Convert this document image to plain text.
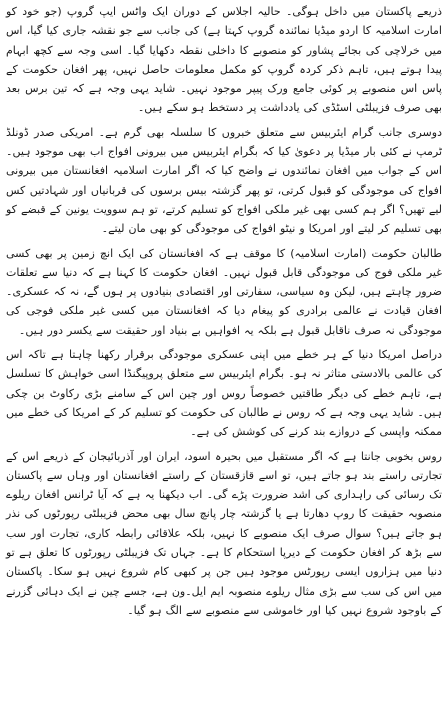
ذریعے پاکستان میں داخل ہوگی۔ حالیہ اجلاس کے دوران ایک واٹس ایپ گروپ (جو خود کو امارت اسلامیہ کا اردو میڈیا نمائندہ گروپ کہتا ہے) کی جانب سے جو نقشہ جاری کیا گیا، اس میں خرلاچی کی بجائے پشاور کو منصوبے کا داخلی نقطہ دکھایا گیا۔ اسی وجہ سے کچھ ابہام پیدا ہوتے ہیں، تاہم ذکر کردہ گروپ کو مکمل معلومات حاصل نہیں، پھر افغان حکومت کے پاس اس منصوبے پر کوئی جامع ورک پیپر موجود نہیں۔ شاید یہی وجہ ہے کہ تین برس بعد بھی صرف فزیبلٹی اسٹڈی کی یادداشت پر دستخط ہو سکے ہیں۔

دوسری جانب گرام ایئربیس سے متعلق خبروں کا سلسلہ بھی گرم ہے۔ امریکی صدر ڈونلڈ ٹرمپ نے کئی بار میڈیا پر دعویٰ کیا کہ بگرام ایئربیس میں بیرونی افواج اب بھی موجود ہیں۔ اس کے جواب میں افغان نمائندوں نے واضح کیا کہ اگر امارت اسلامیہ افغانستان میں بیرونی افواج کی موجودگی کو قبول کرتی، تو پھر گزشتہ بیس برسوں کی قربانیاں اور شہادتیں کس لیے تھیں؟ اگر ہم کسی بھی غیر ملکی افواج کو تسلیم کرتے، تو ہم سوویت یونین کے قبضے کو بھی تسلیم کر لیتے اور امریکا و نیٹو افواج کی موجودگی کو بھی مان لیتے۔

طالبان حکومت (امارت اسلامیہ) کا موقف ہے کہ افغانستان کی ایک انچ زمین پر بھی کسی غیر ملکی فوج کی موجودگی قابل قبول نہیں۔ افغان حکومت کا کہنا ہے کہ دنیا سے تعلقات ضرور چاہتے ہیں، لیکن وہ سیاسی، سفارتی اور اقتصادی بنیادوں پر ہوں گے، نہ کہ عسکری۔ افغان قیادت نے عالمی برادری کو پیغام دیا کہ افغانستان میں کسی غیر ملکی فوجی کی موجودگی نہ صرف ناقابل قبول ہے بلکہ یہ افواہیں بے بنیاد اور حقیقت سے یکسر دور ہیں۔

دراصل امریکا دنیا کے ہر خطے میں اپنی عسکری موجودگی برقرار رکھنا چاہتا ہے تاکہ اس کی عالمی بالادستی متاثر نہ ہو۔ بگرام ایئربیس سے متعلق پروپیگنڈا اسی خواہش کا تسلسل ہے، تاہم خطے کی دیگر طاقتیں خصوصاً روس اور چین اس کے سامنے بڑی رکاوٹ بن چکی ہیں۔ شاید یہی وجہ ہے کہ روس نے طالبان کی حکومت کو تسلیم کر کے امریکا کی خطے میں ممکنہ واپسی کے دروازے بند کرنے کی کوشش کی ہے۔

روس بخوبی جانتا ہے کہ اگر مستقبل میں بحیرہ اسود، ایران اور آذربائیجان کے ذریعے اس کے تجارتی راستے بند ہو جاتے ہیں، تو اسے قازقستان کے راستے افغانستان اور وہاں سے پاکستان تک رسائی کی راہداری کی اشد ضرورت پڑے گی۔ اب دیکھنا یہ ہے کہ آیا ٹرانس افغان ریلوے منصوبہ حقیقت کا روپ دھارتا ہے یا گزشتہ چار پانچ سال بھی محض فزیبلٹی رپورٹوں کی نذر ہو جاتے ہیں؟ سوال صرف ایک منصوبے کا نہیں، بلکہ علاقائی رابطہ کاری، تجارت اور سب سے بڑھ کر افغان حکومت کے دیرپا استحکام کا ہے۔ جہاں تک فزیبلٹی رپورٹوں کا تعلق ہے تو دنیا میں ہزاروں ایسی رپورٹس موجود ہیں جن پر کبھی کام شروع نہیں ہو سکا۔ پاکستان میں اس کی سب سے بڑی مثال ریلوے منصوبہ ایم ایل۔ون ہے، جسے چین نے ایک دہائی گزرنے کے باوجود شروع نہیں کیا اور خاموشی سے منصوبے سے الگ ہو گیا۔
